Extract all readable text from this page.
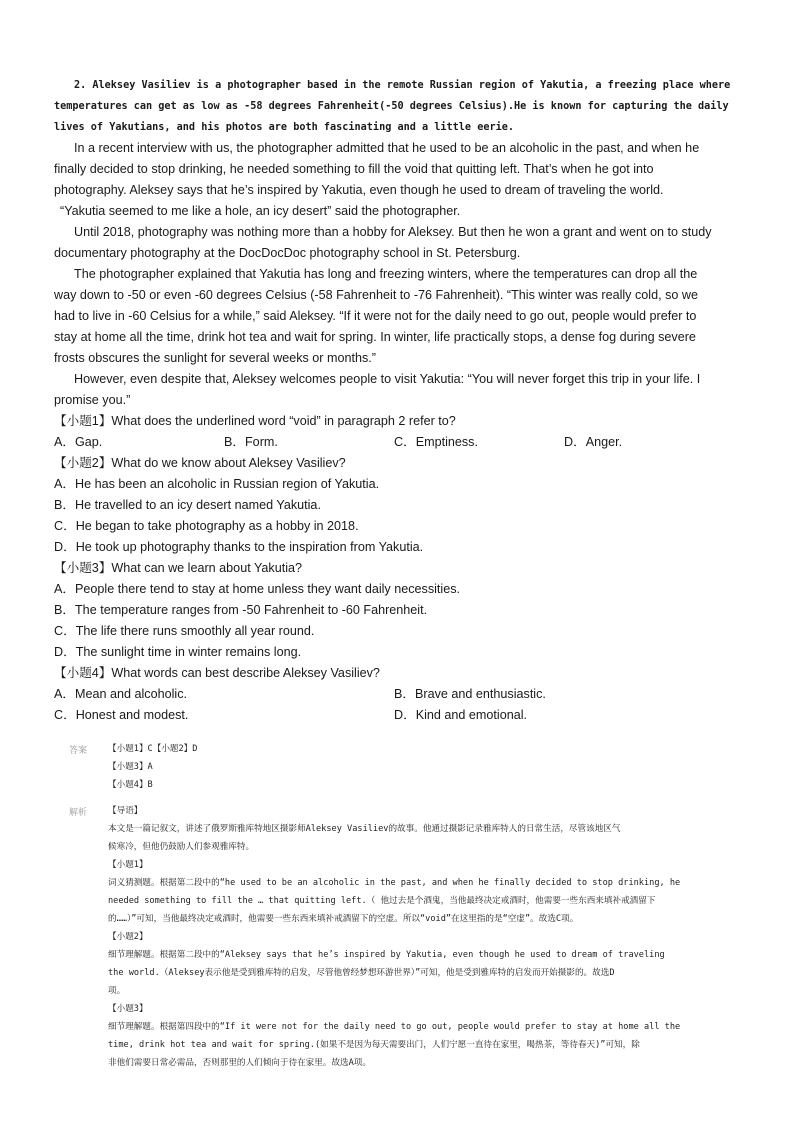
2. Aleksey Vasiliev is a photographer based in the remote Russian region of Yakutia, a freezing place where
temperatures can get as low as -58 degrees Fahrenheit(-50 degrees Celsius).He is known for capturing the daily
lives of Yakutians, and his photos are both fascinating and a little eerie.
In a recent interview with us, the photographer admitted that he used to be an alcoholic in the past, and when he
finally decided to stop drinking, he needed something to fill the void that quitting left. That’s when he got into
photography. Aleksey says that he’s inspired by Yakutia, even though he used to dream of traveling the world.
“Yakutia seemed to me like a hole, an icy desert” said the photographer.
Until 2018, photography was nothing more than a hobby for Aleksey. But then he won a grant and went on to study
documentary photography at the DocDocDoc photography school in St. Petersburg.
The photographer explained that Yakutia has long and freezing winters, where the temperatures can drop all the
way down to -50 or even -60 degrees Celsius (-58 Fahrenheit to -76 Fahrenheit). “This winter was really cold, so we
had to live in -60 Celsius for a while,” said Aleksey. “If it were not for the daily need to go out, people would prefer to
stay at home all the time, drink hot tea and wait for spring. In winter, life practically stops, a dense fog during severe
frosts obscures the sunlight for several weeks or months.”
However, even despite that, Aleksey welcomes people to visit Yakutia: “You will never forget this trip in your life. I
promise you.”
【小题1】What does the underlined word “void” in paragraph 2 refer to?
A．Gap.	B．Form.	C．Emptiness.	D．Anger.
【小题2】What do we know about Aleksey Vasiliev?
A．He has been an alcoholic in Russian region of Yakutia.
B．He travelled to an icy desert named Yakutia.
C．He began to take photography as a hobby in 2018.
D．He took up photography thanks to the inspiration from Yakutia.
【小题3】What can we learn about Yakutia?
A．People there tend to stay at home unless they want daily necessities.
B．The temperature ranges from -50 Fahrenheit to -60 Fahrenheit.
C．The life there runs smoothly all year round.
D．The sunlight time in winter remains long.
【小题4】What words can best describe Aleksey Vasiliev?
A．Mean and alcoholic.	B．Brave and enthusiastic.
C．Honest and modest.	D．Kind and emotional.
答案 【小题1】C【小题2】D
【小题3】A
【小题4】B
解析 【导语】
本文是一篇记叙文，讲述了俄罗斯雅库特地区摄影师Aleksey Vasiliev的故事。他通过摄影记录雅库特人的日常生活，尽管该地区气
候寒冷，但他仍鼓励人们参观雅库特。
【小题1】
词义猜测题。根据第二段中的“he used to be an alcoholic in the past, and when he finally decided to stop drinking, he
needed something to fill the … that quitting left.（ 他过去是个酒鬼，当他最终决定戒酒时，他需要一些东西来填补戒酒留下
的……）”可知，当他最终决定戒酒时，他需要一些东西来填补戒酒留下的空虚。所以“void”在这里指的是“空虚”。故选C项。
【小题2】
细节理解题。根据第二段中的“Aleksey says that he’s inspired by Yakutia, even though he used to dream of traveling
the world.（Aleksey表示他是受到雅库特的启发，尽管他曾经梦想环游世界）”可知，他是受到雅库特的启发而开始摄影的。故选D
项。
【小题3】
细节理解题。根据第四段中的“If it were not for the daily need to go out, people would prefer to stay at home all the
time, drink hot tea and wait for spring.(如果不是因为每天需要出门，人们宁愿一直待在家里，喝热茶，等待春天)”可知，除
非他们需要日常必需品，否则那里的人们倾向于待在家里。故选A项。
